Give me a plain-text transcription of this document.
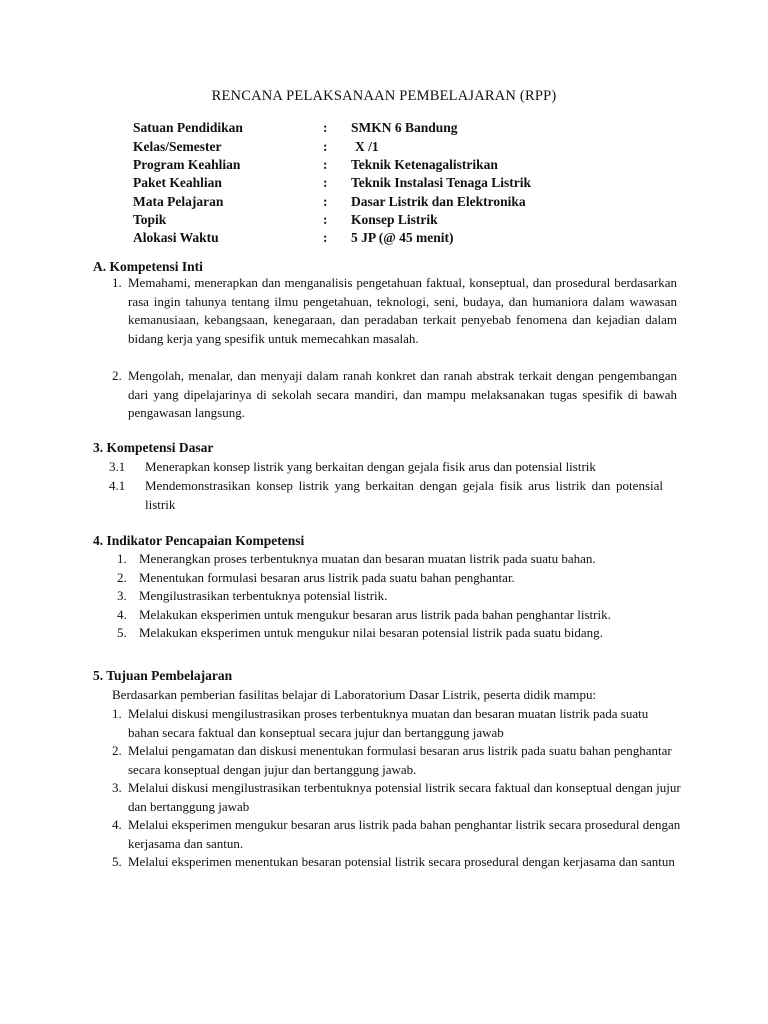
RENCANA PELAKSANAAN PEMBELAJARAN (RPP)
Satuan Pendidikan	: SMKN 6 Bandung
Kelas/Semester	: X /1
Program Keahlian	: Teknik Ketenagalistrikan
Paket Keahlian	: Teknik Instalasi Tenaga Listrik
Mata Pelajaran	: Dasar Listrik dan Elektronika
Topik	: Konsep Listrik
Alokasi Waktu	: 5 JP (@ 45 menit)
A. Kompetensi Inti
1. Memahami, menerapkan dan menganalisis pengetahuan faktual, konseptual, dan prosedural berdasarkan rasa ingin tahunya tentang ilmu pengetahuan, teknologi, seni, budaya, dan humaniora dalam wawasan kemanusiaan, kebangsaan, kenegaraan, dan peradaban terkait penyebab fenomena dan kejadian dalam bidang kerja yang spesifik untuk memecahkan masalah.
2. Mengolah, menalar, dan menyaji dalam ranah konkret dan ranah abstrak terkait dengan pengembangan dari yang dipelajarinya di sekolah secara mandiri, dan mampu melaksanakan tugas spesifik di bawah pengawasan langsung.
3. Kompetensi Dasar
3.1 Menerapkan konsep listrik yang berkaitan dengan gejala fisik arus dan potensial listrik
4.1 Mendemonstrasikan konsep listrik yang berkaitan dengan gejala fisik arus listrik dan potensial listrik
4. Indikator Pencapaian Kompetensi
1. Menerangkan proses terbentuknya muatan dan besaran muatan listrik pada suatu bahan.
2. Menentukan formulasi besaran arus listrik pada suatu bahan penghantar.
3. Mengilustrasikan terbentuknya potensial listrik.
4. Melakukan eksperimen untuk mengukur besaran arus listrik pada bahan penghantar listrik.
5. Melakukan eksperimen untuk mengukur nilai besaran potensial listrik pada suatu bidang.
5. Tujuan Pembelajaran
Berdasarkan pemberian fasilitas belajar di Laboratorium Dasar Listrik, peserta didik mampu:
1. Melalui diskusi mengilustrasikan proses terbentuknya muatan dan besaran muatan listrik pada suatu bahan secara faktual dan konseptual secara jujur dan bertanggung jawab
2. Melalui pengamatan dan diskusi menentukan formulasi besaran arus listrik pada suatu bahan penghantar secara konseptual dengan jujur dan bertanggung jawab.
3. Melalui diskusi mengilustrasikan terbentuknya potensial listrik secara faktual dan konseptual dengan jujur dan bertanggung jawab
4. Melalui eksperimen mengukur besaran arus listrik pada bahan penghantar listrik secara prosedural dengan kerjasama dan santun.
5. Melalui eksperimen menentukan besaran potensial listrik secara prosedural dengan kerjasama dan santun
